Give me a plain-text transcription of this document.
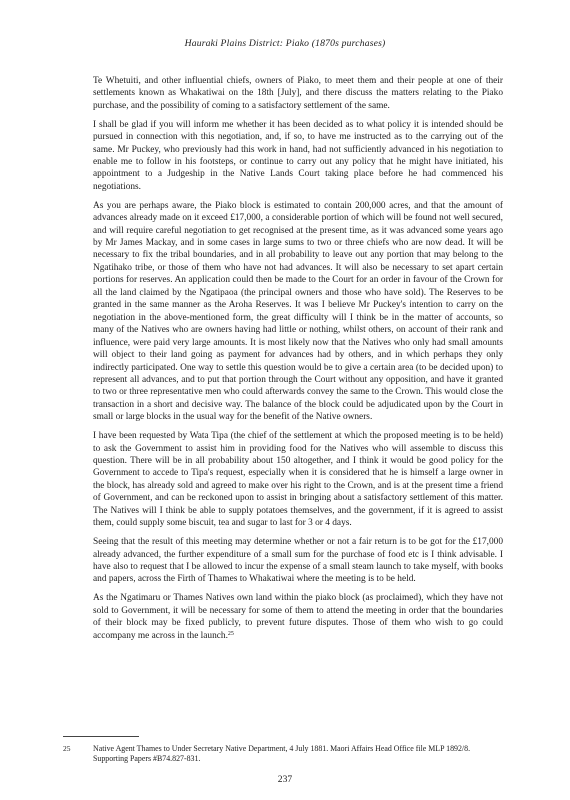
Hauraki Plains District: Piako (1870s purchases)

Te Whetuiti, and other influential chiefs, owners of Piako, to meet them and their people at one of their settlements known as Whakatiwai on the 18th [July], and there discuss the matters relating to the Piako purchase, and the possibility of coming to a satisfactory settlement of the same.

I shall be glad if you will inform me whether it has been decided as to what policy it is intended should be pursued in connection with this negotiation, and, if so, to have me instructed as to the carrying out of the same. Mr Puckey, who previously had this work in hand, had not sufficiently advanced in his negotiation to enable me to follow in his footsteps, or continue to carry out any policy that he might have initiated, his appointment to a Judgeship in the Native Lands Court taking place before he had commenced his negotiations.

As you are perhaps aware, the Piako block is estimated to contain 200,000 acres, and that the amount of advances already made on it exceed £17,000, a considerable portion of which will be found not well secured, and will require careful negotiation to get recognised at the present time, as it was advanced some years ago by Mr James Mackay, and in some cases in large sums to two or three chiefs who are now dead. It will be necessary to fix the tribal boundaries, and in all probability to leave out any portion that may belong to the Ngatihako tribe, or those of them who have not had advances. It will also be necessary to set apart certain portions for reserves. An application could then be made to the Court for an order in favour of the Crown for all the land claimed by the Ngatipaoa (the principal owners and those who have sold). The Reserves to be granted in the same manner as the Aroha Reserves. It was I believe Mr Puckey's intention to carry on the negotiation in the above-mentioned form, the great difficulty will I think be in the matter of accounts, so many of the Natives who are owners having had little or nothing, whilst others, on account of their rank and influence, were paid very large amounts. It is most likely now that the Natives who only had small amounts will object to their land going as payment for advances had by others, and in which perhaps they only indirectly participated. One way to settle this question would be to give a certain area (to be decided upon) to represent all advances, and to put that portion through the Court without any opposition, and have it granted to two or three representative men who could afterwards convey the same to the Crown. This would close the transaction in a short and decisive way. The balance of the block could be adjudicated upon by the Court in small or large blocks in the usual way for the benefit of the Native owners.

I have been requested by Wata Tipa (the chief of the settlement at which the proposed meeting is to be held) to ask the Government to assist him in providing food for the Natives who will assemble to discuss this question. There will be in all probability about 150 altogether, and I think it would be good policy for the Government to accede to Tipa's request, especially when it is considered that he is himself a large owner in the block, has already sold and agreed to make over his right to the Crown, and is at the present time a friend of Government, and can be reckoned upon to assist in bringing about a satisfactory settlement of this matter. The Natives will I think be able to supply potatoes themselves, and the government, if it is agreed to assist them, could supply some biscuit, tea and sugar to last for 3 or 4 days.

Seeing that the result of this meeting may determine whether or not a fair return is to be got for the £17,000 already advanced, the further expenditure of a small sum for the purchase of food etc is I think advisable. I have also to request that I be allowed to incur the expense of a small steam launch to take myself, with books and papers, across the Firth of Thames to Whakatiwai where the meeting is to be held.

As the Ngatimaru or Thames Natives own land within the piako block (as proclaimed), which they have not sold to Government, it will be necessary for some of them to attend the meeting in order that the boundaries of their block may be fixed publicly, to prevent future disputes. Those of them who wish to go could accompany me across in the launch.$^{25}$

25	Native Agent Thames to Under Secretary Native Department, 4 July 1881. Maori Affairs Head Office file MLP 1892/8. Supporting Papers #B74.827-831.
237
